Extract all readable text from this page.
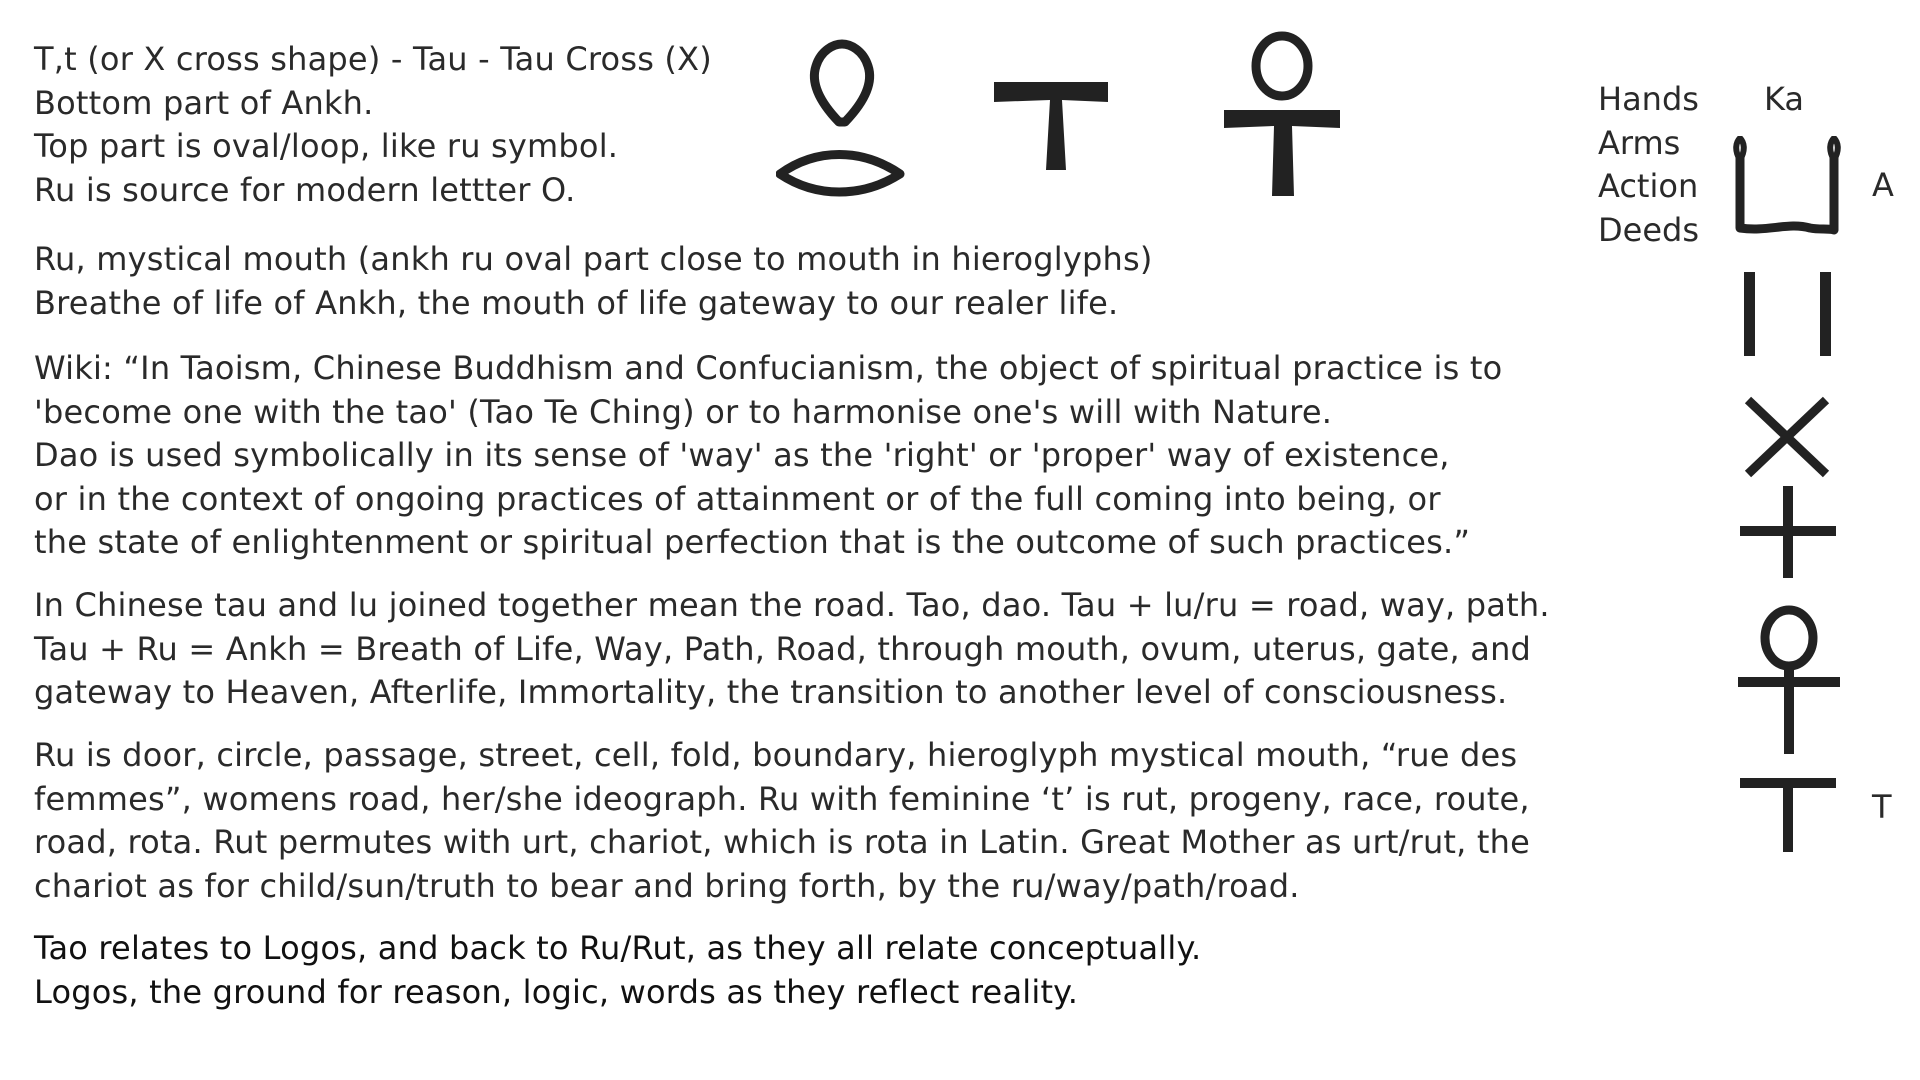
T,t (or X cross shape) - Tau - Tau Cross (X)
Bottom part of Ankh.
Top part is oval/loop, like ru symbol.
Ru is source for modern lettter O.
Ru, mystical mouth (ankh ru oval part close to mouth in hieroglyphs)
Breathe of life of Ankh, the mouth of life gateway to our realer life.
Wiki: “In Taoism, Chinese Buddhism and Confucianism, the object of spiritual practice is to
'become one with the tao' (Tao Te Ching) or to harmonise one's will with Nature.
Dao is used symbolically in its sense of 'way' as the 'right' or 'proper' way of existence,
or in the context of ongoing practices of attainment or of the full coming into being, or
the state of enlightenment or spiritual perfection that is the outcome of such practices.”
In Chinese tau and lu joined together mean the road. Tao, dao. Tau + lu/ru = road, way, path.
Tau + Ru = Ankh = Breath of Life, Way, Path, Road, through mouth, ovum, uterus, gate, and
gateway to Heaven, Afterlife, Immortality, the transition to another level of consciousness.
Ru is door, circle, passage, street, cell, fold, boundary, hieroglyph mystical mouth, “rue des
femmes”, womens road, her/she ideograph. Ru with feminine ‘t’ is rut, progeny, race, route,
road, rota. Rut permutes with urt, chariot, which is rota in Latin. Great Mother as urt/rut, the
chariot as for child/sun/truth to bear and bring forth, by the ru/way/path/road.
Tao relates to Logos, and back to Ru/Rut, as they all relate conceptually.
Logos, the ground for reason, logic, words as they reflect reality.
Hands
Arms
Action
Deeds
Ka
A
T
